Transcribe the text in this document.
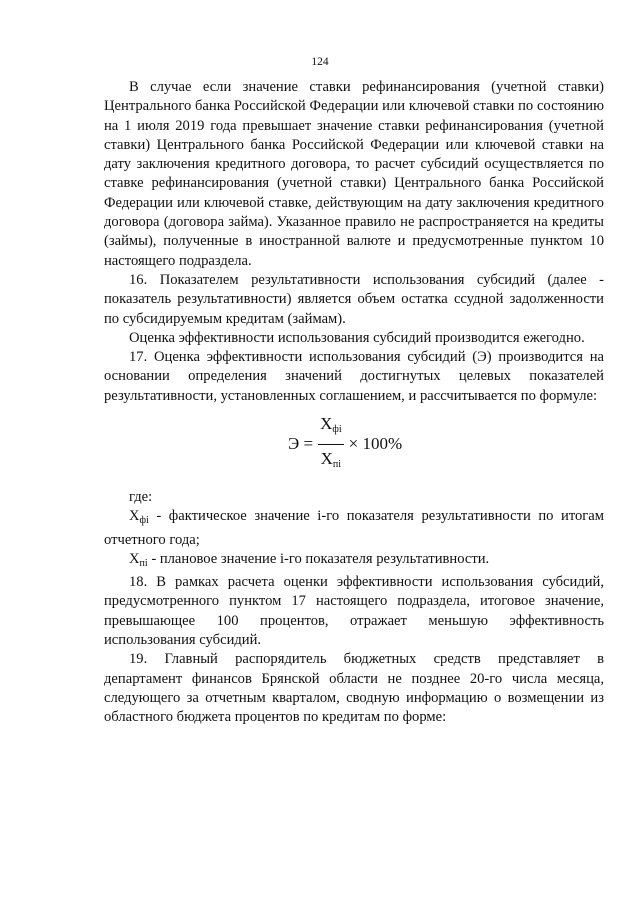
124
В случае если значение ставки рефинансирования (учетной ставки) Центрального банка Российской Федерации или ключевой ставки по состоянию на 1 июля 2019 года превышает значение ставки рефинансирования (учетной ставки) Центрального банка Российской Федерации или ключевой ставки на дату заключения кредитного договора, то расчет субсидий осуществляется по ставке рефинансирования (учетной ставки) Центрального банка Российской Федерации или ключевой ставке, действующим на дату заключения кредитного договора (договора займа). Указанное правило не распространяется на кредиты (займы), полученные в иностранной валюте и предусмотренные пунктом 10 настоящего подраздела.
16. Показателем результативности использования субсидий (далее - показатель результативности) является объем остатка ссудной задолженности по субсидируемым кредитам (займам).
Оценка эффективности использования субсидий производится ежегодно.
17. Оценка эффективности использования субсидий (Э) производится на основании определения значений достигнутых целевых показателей результативности, установленных соглашением, и рассчитывается по формуле:
$Э = \frac{\text{Xфi}}{\text{Xпi}} \times 100\%$
где:
$X_{фi}$ - фактическое значение i-го показателя результативности по итогам отчетного года;
$X_{пi}$ - плановое значение i-го показателя результативности.
18. В рамках расчета оценки эффективности использования субсидий, предусмотренного пунктом 17 настоящего подраздела, итоговое значение, превышающее 100 процентов, отражает меньшую эффективность использования субсидий.
19. Главный распорядитель бюджетных средств представляет в департамент финансов Брянской области не позднее 20-го числа месяца, следующего за отчетным кварталом, сводную информацию о возмещении из областного бюджета процентов по кредитам по форме:
